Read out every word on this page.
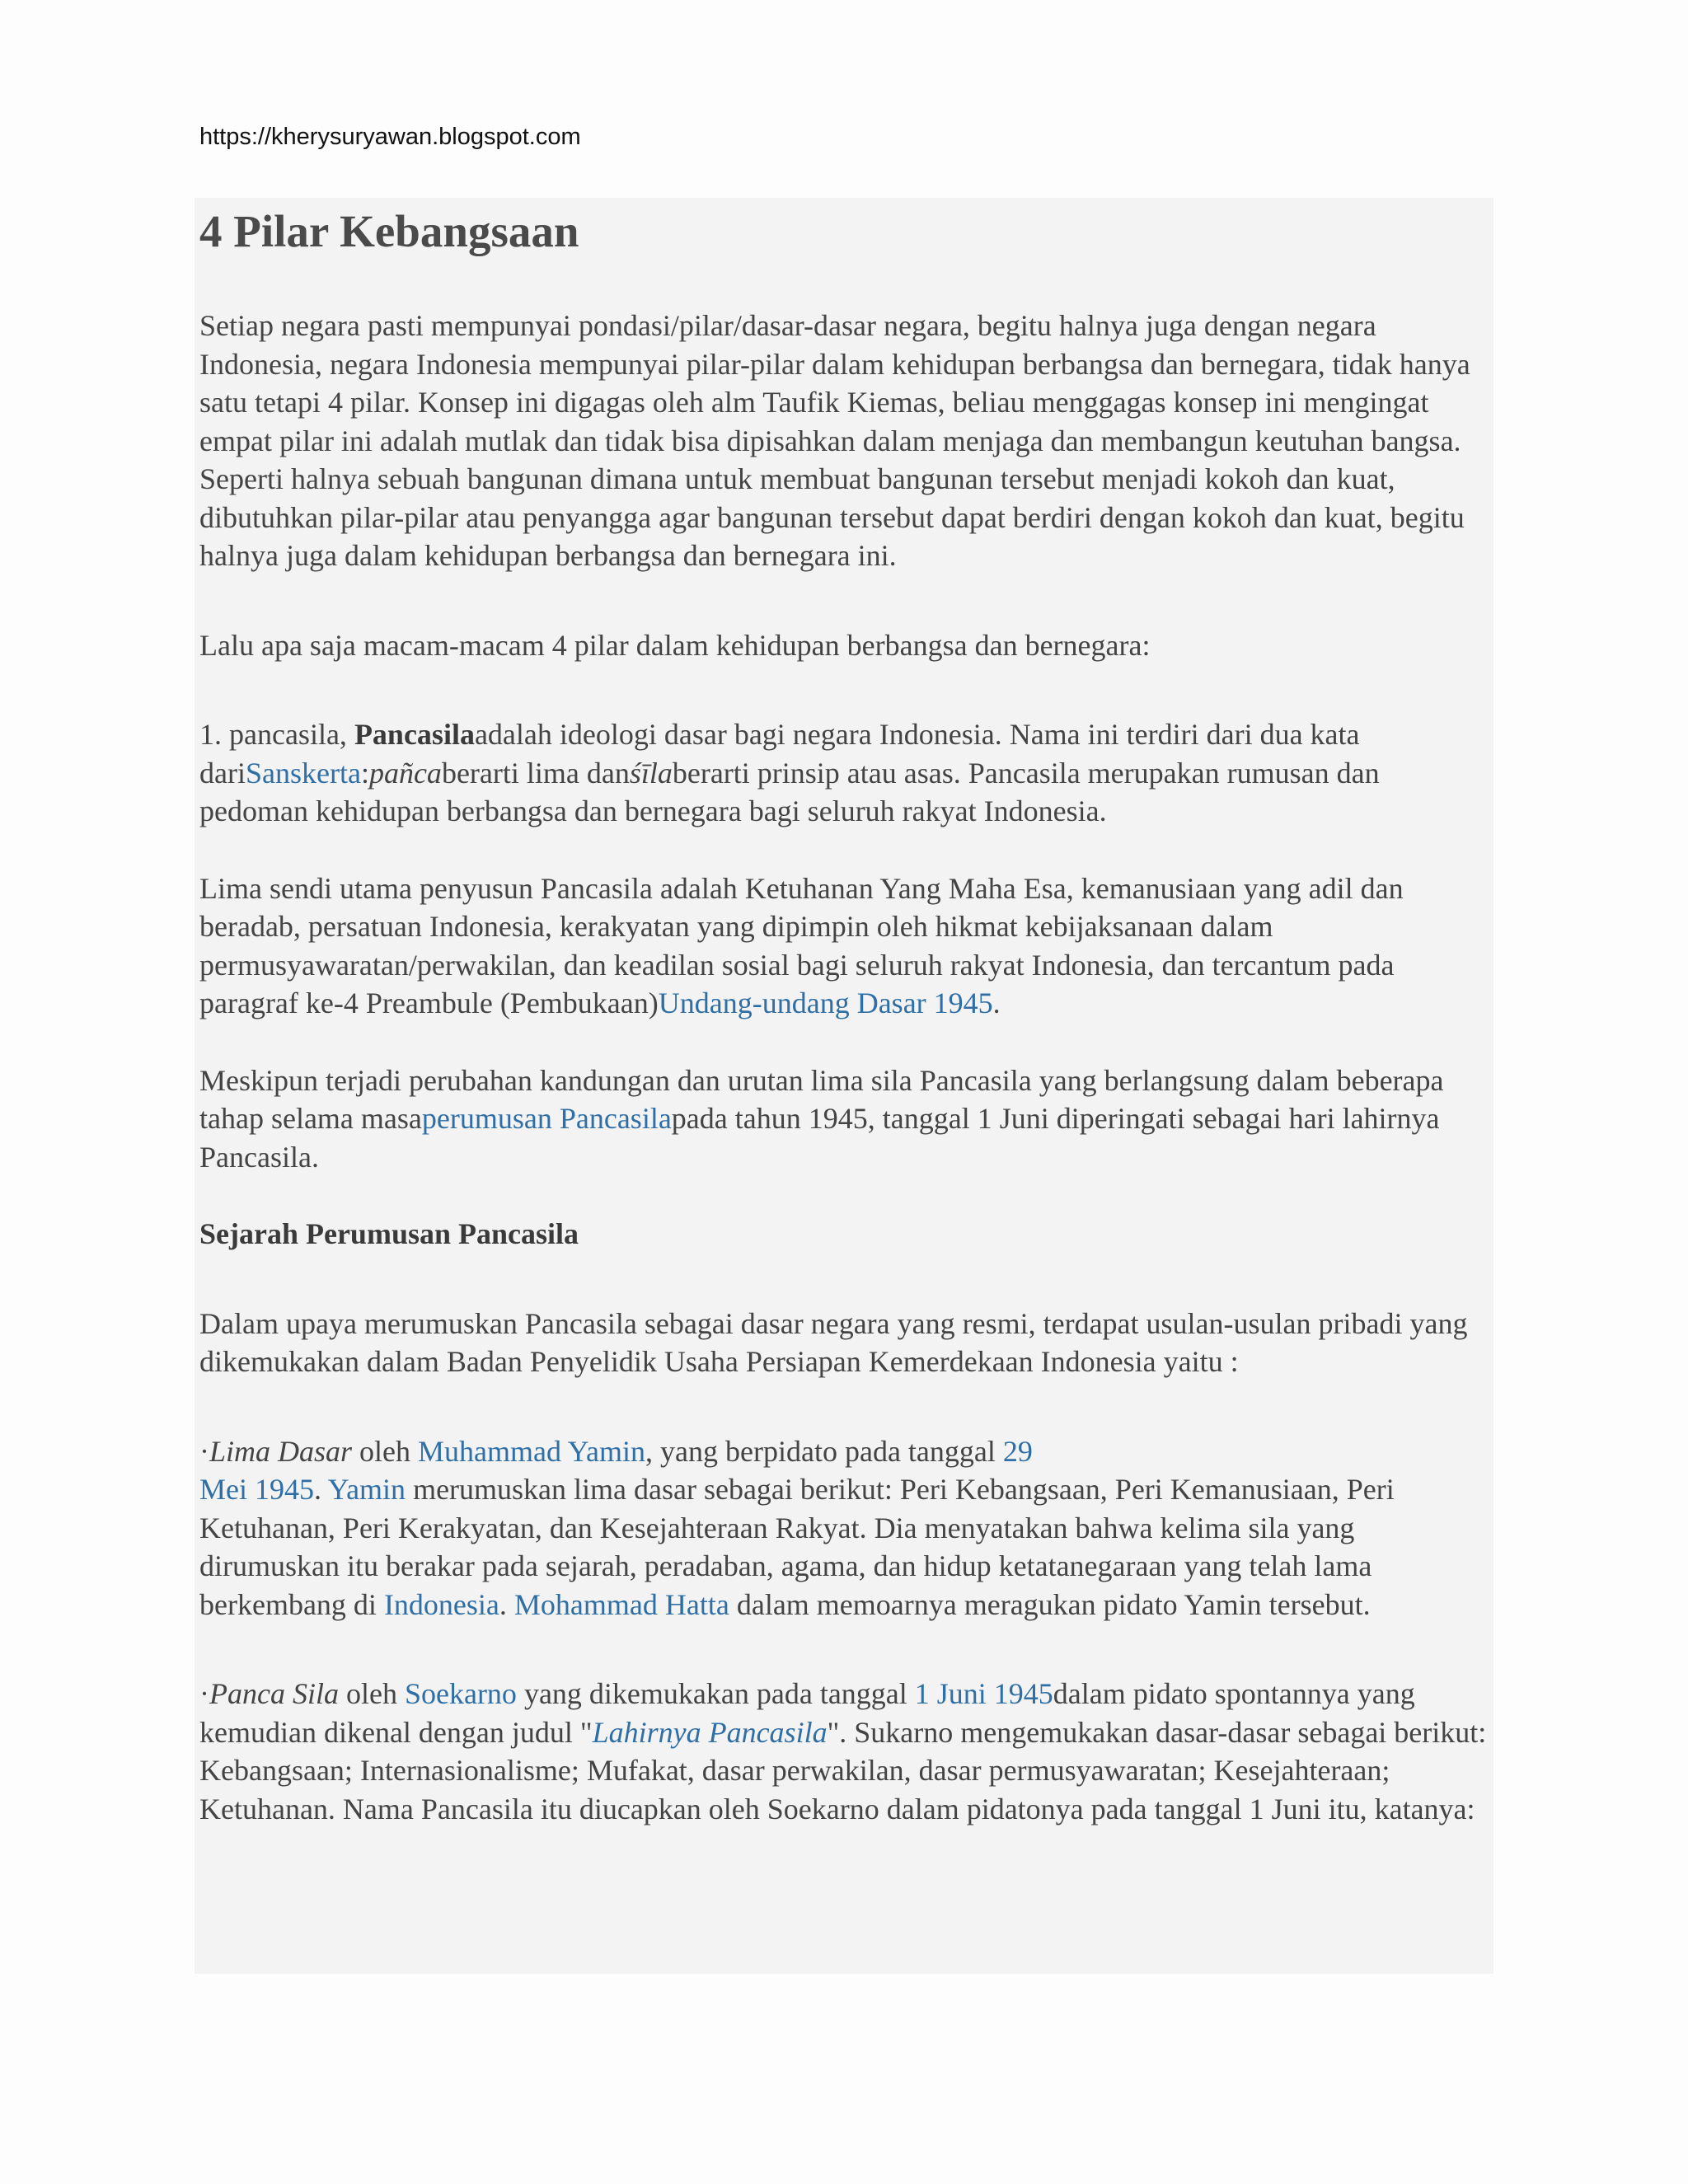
https://kherysuryawan.blogspot.com
4 Pilar Kebangsaan

Setiap negara pasti mempunyai pondasi/pilar/dasar-dasar negara, begitu halnya juga dengan negara Indonesia, negara Indonesia mempunyai pilar-pilar dalam kehidupan berbangsa dan bernegara, tidak hanya satu tetapi 4 pilar. Konsep ini digagas oleh alm Taufik Kiemas, beliau menggagas konsep ini mengingat empat pilar ini adalah mutlak dan tidak bisa dipisahkan dalam menjaga dan membangun keutuhan bangsa. Seperti halnya sebuah bangunan dimana untuk membuat bangunan tersebut menjadi kokoh dan kuat, dibutuhkan pilar-pilar atau penyangga agar bangunan tersebut dapat berdiri dengan kokoh dan kuat, begitu halnya juga dalam kehidupan berbangsa dan bernegara ini.

Lalu apa saja macam-macam 4 pilar dalam kehidupan berbangsa dan bernegara:

1. pancasila, Pancasilaadalah ideologi dasar bagi negara Indonesia. Nama ini terdiri dari dua kata dariSanskerta:pañcaberarti lima danśīlaberarti prinsip atau asas. Pancasila merupakan rumusan dan pedoman kehidupan berbangsa dan bernegara bagi seluruh rakyat Indonesia.

Lima sendi utama penyusun Pancasila adalah Ketuhanan Yang Maha Esa, kemanusiaan yang adil dan beradab, persatuan Indonesia, kerakyatan yang dipimpin oleh hikmat kebijaksanaan dalam permusyawaratan/perwakilan, dan keadilan sosial bagi seluruh rakyat Indonesia, dan tercantum pada paragraf ke-4 Preambule (Pembukaan)Undang-undang Dasar 1945.

Meskipun terjadi perubahan kandungan dan urutan lima sila Pancasila yang berlangsung dalam beberapa tahap selama masaperumusan Pancasilapada tahun 1945, tanggal 1 Juni diperingati sebagai hari lahirnya Pancasila.

Sejarah Perumusan Pancasila

Dalam upaya merumuskan Pancasila sebagai dasar negara yang resmi, terdapat usulan-usulan pribadi yang dikemukakan dalam Badan Penyelidik Usaha Persiapan Kemerdekaan Indonesia yaitu :

·Lima Dasar oleh Muhammad Yamin, yang berpidato pada tanggal 29
Mei 1945. Yamin merumuskan lima dasar sebagai berikut: Peri Kebangsaan, Peri Kemanusiaan, Peri Ketuhanan, Peri Kerakyatan, dan Kesejahteraan Rakyat. Dia menyatakan bahwa kelima sila yang dirumuskan itu berakar pada sejarah, peradaban, agama, dan hidup ketatanegaraan yang telah lama berkembang di Indonesia. Mohammad Hatta dalam memoarnya meragukan pidato Yamin tersebut.

·Panca Sila oleh Soekarno yang dikemukakan pada tanggal 1 Juni 1945dalam pidato spontannya yang kemudian dikenal dengan judul "Lahirnya Pancasila". Sukarno mengemukakan dasar-dasar sebagai berikut: Kebangsaan; Internasionalisme; Mufakat, dasar perwakilan, dasar permusyawaratan; Kesejahteraan; Ketuhanan. Nama Pancasila itu diucapkan oleh Soekarno dalam pidatonya pada tanggal 1 Juni itu, katanya:
